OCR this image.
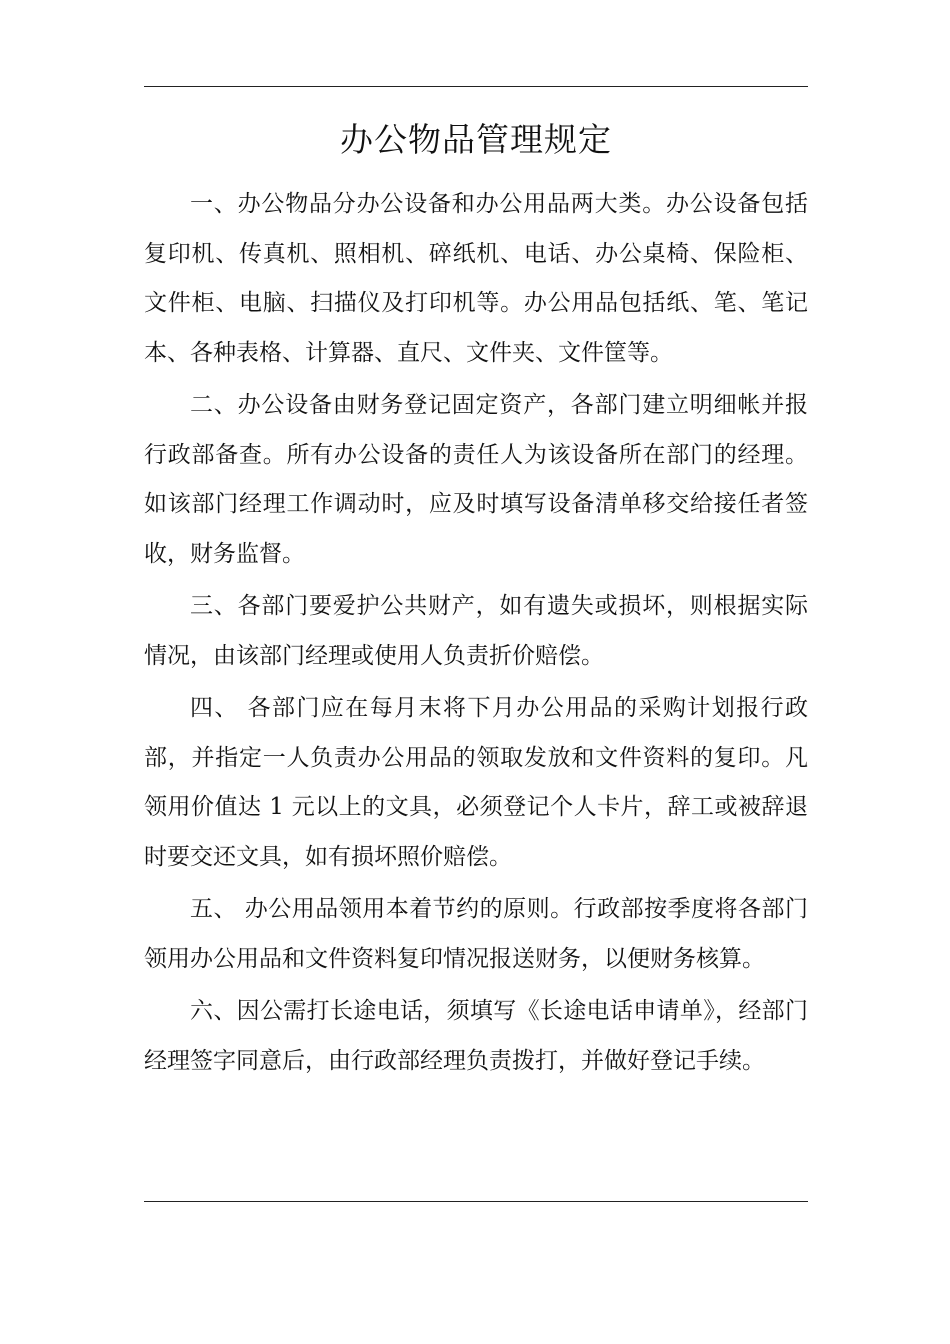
办公物品管理规定

一、办公物品分办公设备和办公用品两大类。办公设备包括复印机、传真机、照相机、碎纸机、电话、办公桌椅、保险柜、文件柜、电脑、扫描仪及打印机等。办公用品包括纸、笔、笔记本、各种表格、计算器、直尺、文件夹、文件筐等。

二、办公设备由财务登记固定资产，各部门建立明细帐并报行政部备查。所有办公设备的责任人为该设备所在部门的经理。如该部门经理工作调动时，应及时填写设备清单移交给接任者签收，财务监督。

三、各部门要爱护公共财产，如有遗失或损坏，则根据实际情况，由该部门经理或使用人负责折价赔偿。

四、 各部门应在每月末将下月办公用品的采购计划报行政部，并指定一人负责办公用品的领取发放和文件资料的复印。凡领用价值达 1 元以上的文具，必须登记个人卡片，辞工或被辞退时要交还文具，如有损坏照价赔偿。

五、 办公用品领用本着节约的原则。行政部按季度将各部门领用办公用品和文件资料复印情况报送财务，以便财务核算。

六、因公需打长途电话，须填写《长途电话申请单》，经部门经理签字同意后，由行政部经理负责拨打，并做好登记手续。
